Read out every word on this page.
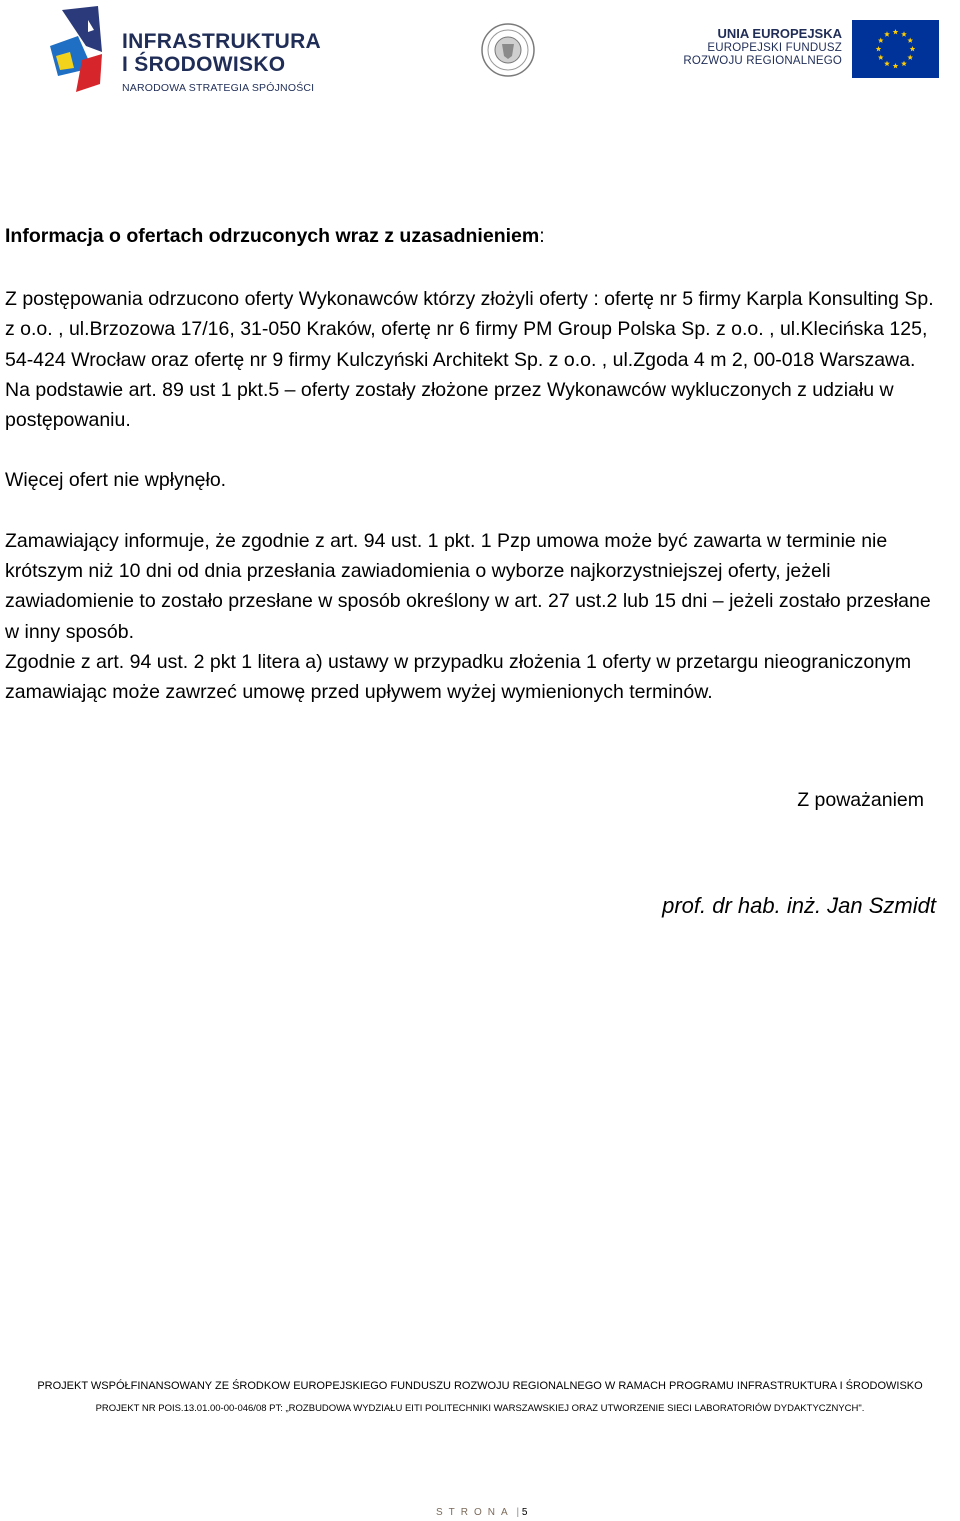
INFRASTRUKTURA
I ŚRODOWISKO
NARODOWA STRATEGIA SPÓJNOŚCI
UNIA EUROPEJSKA
EUROPEJSKI FUNDUSZ
ROZWOJU REGIONALNEGO

Informacja o ofertach odrzuconych wraz z uzasadnieniem:

Z postępowania odrzucono oferty Wykonawców którzy złożyli oferty : ofertę nr 5 firmy Karpla Konsulting Sp. z o.o. , ul.Brzozowa 17/16, 31-050 Kraków, ofertę nr 6 firmy PM Group Polska Sp. z o.o. , ul.Klecińska 125, 54-424 Wrocław oraz ofertę nr 9 firmy Kulczyński Architekt Sp. z o.o. , ul.Zgoda 4 m 2, 00-018 Warszawa. Na podstawie art. 89 ust 1 pkt.5 – oferty zostały złożone przez Wykonawców wykluczonych z udziału w postępowaniu.

Więcej ofert nie wpłynęło.

Zamawiający informuje, że zgodnie z art. 94 ust. 1 pkt. 1 Pzp umowa może być zawarta w terminie nie krótszym niż 10 dni od dnia przesłania zawiadomienia o wyborze najkorzystniejszej oferty, jeżeli zawiadomienie to zostało przesłane w sposób określony w art. 27 ust.2 lub 15 dni – jeżeli zostało przesłane w inny sposób.

Zgodnie z art. 94 ust. 2 pkt 1 litera a) ustawy w przypadku złożenia 1 oferty w przetargu nieograniczonym zamawiając może zawrzeć umowę przed upływem wyżej wymienionych terminów.

Z poważaniem
prof. dr hab. inż. Jan Szmidt
PROJEKT WSPÓŁFINANSOWANY ZE ŚRODKOW EUROPEJSKIEGO FUNDUSZU ROZWOJU REGIONALNEGO W RAMACH PROGRAMU INFRASTRUKTURA I ŚRODOWISKO
PROJEKT NR POIS.13.01.00-00-046/08 PT: „ROZBUDOWA WYDZIAŁU EITI POLITECHNIKI WARSZAWSKIEJ ORAZ UTWORZENIE SIECI LABORATORIÓW DYDAKTYCZNYCH".
STRONA | 5
